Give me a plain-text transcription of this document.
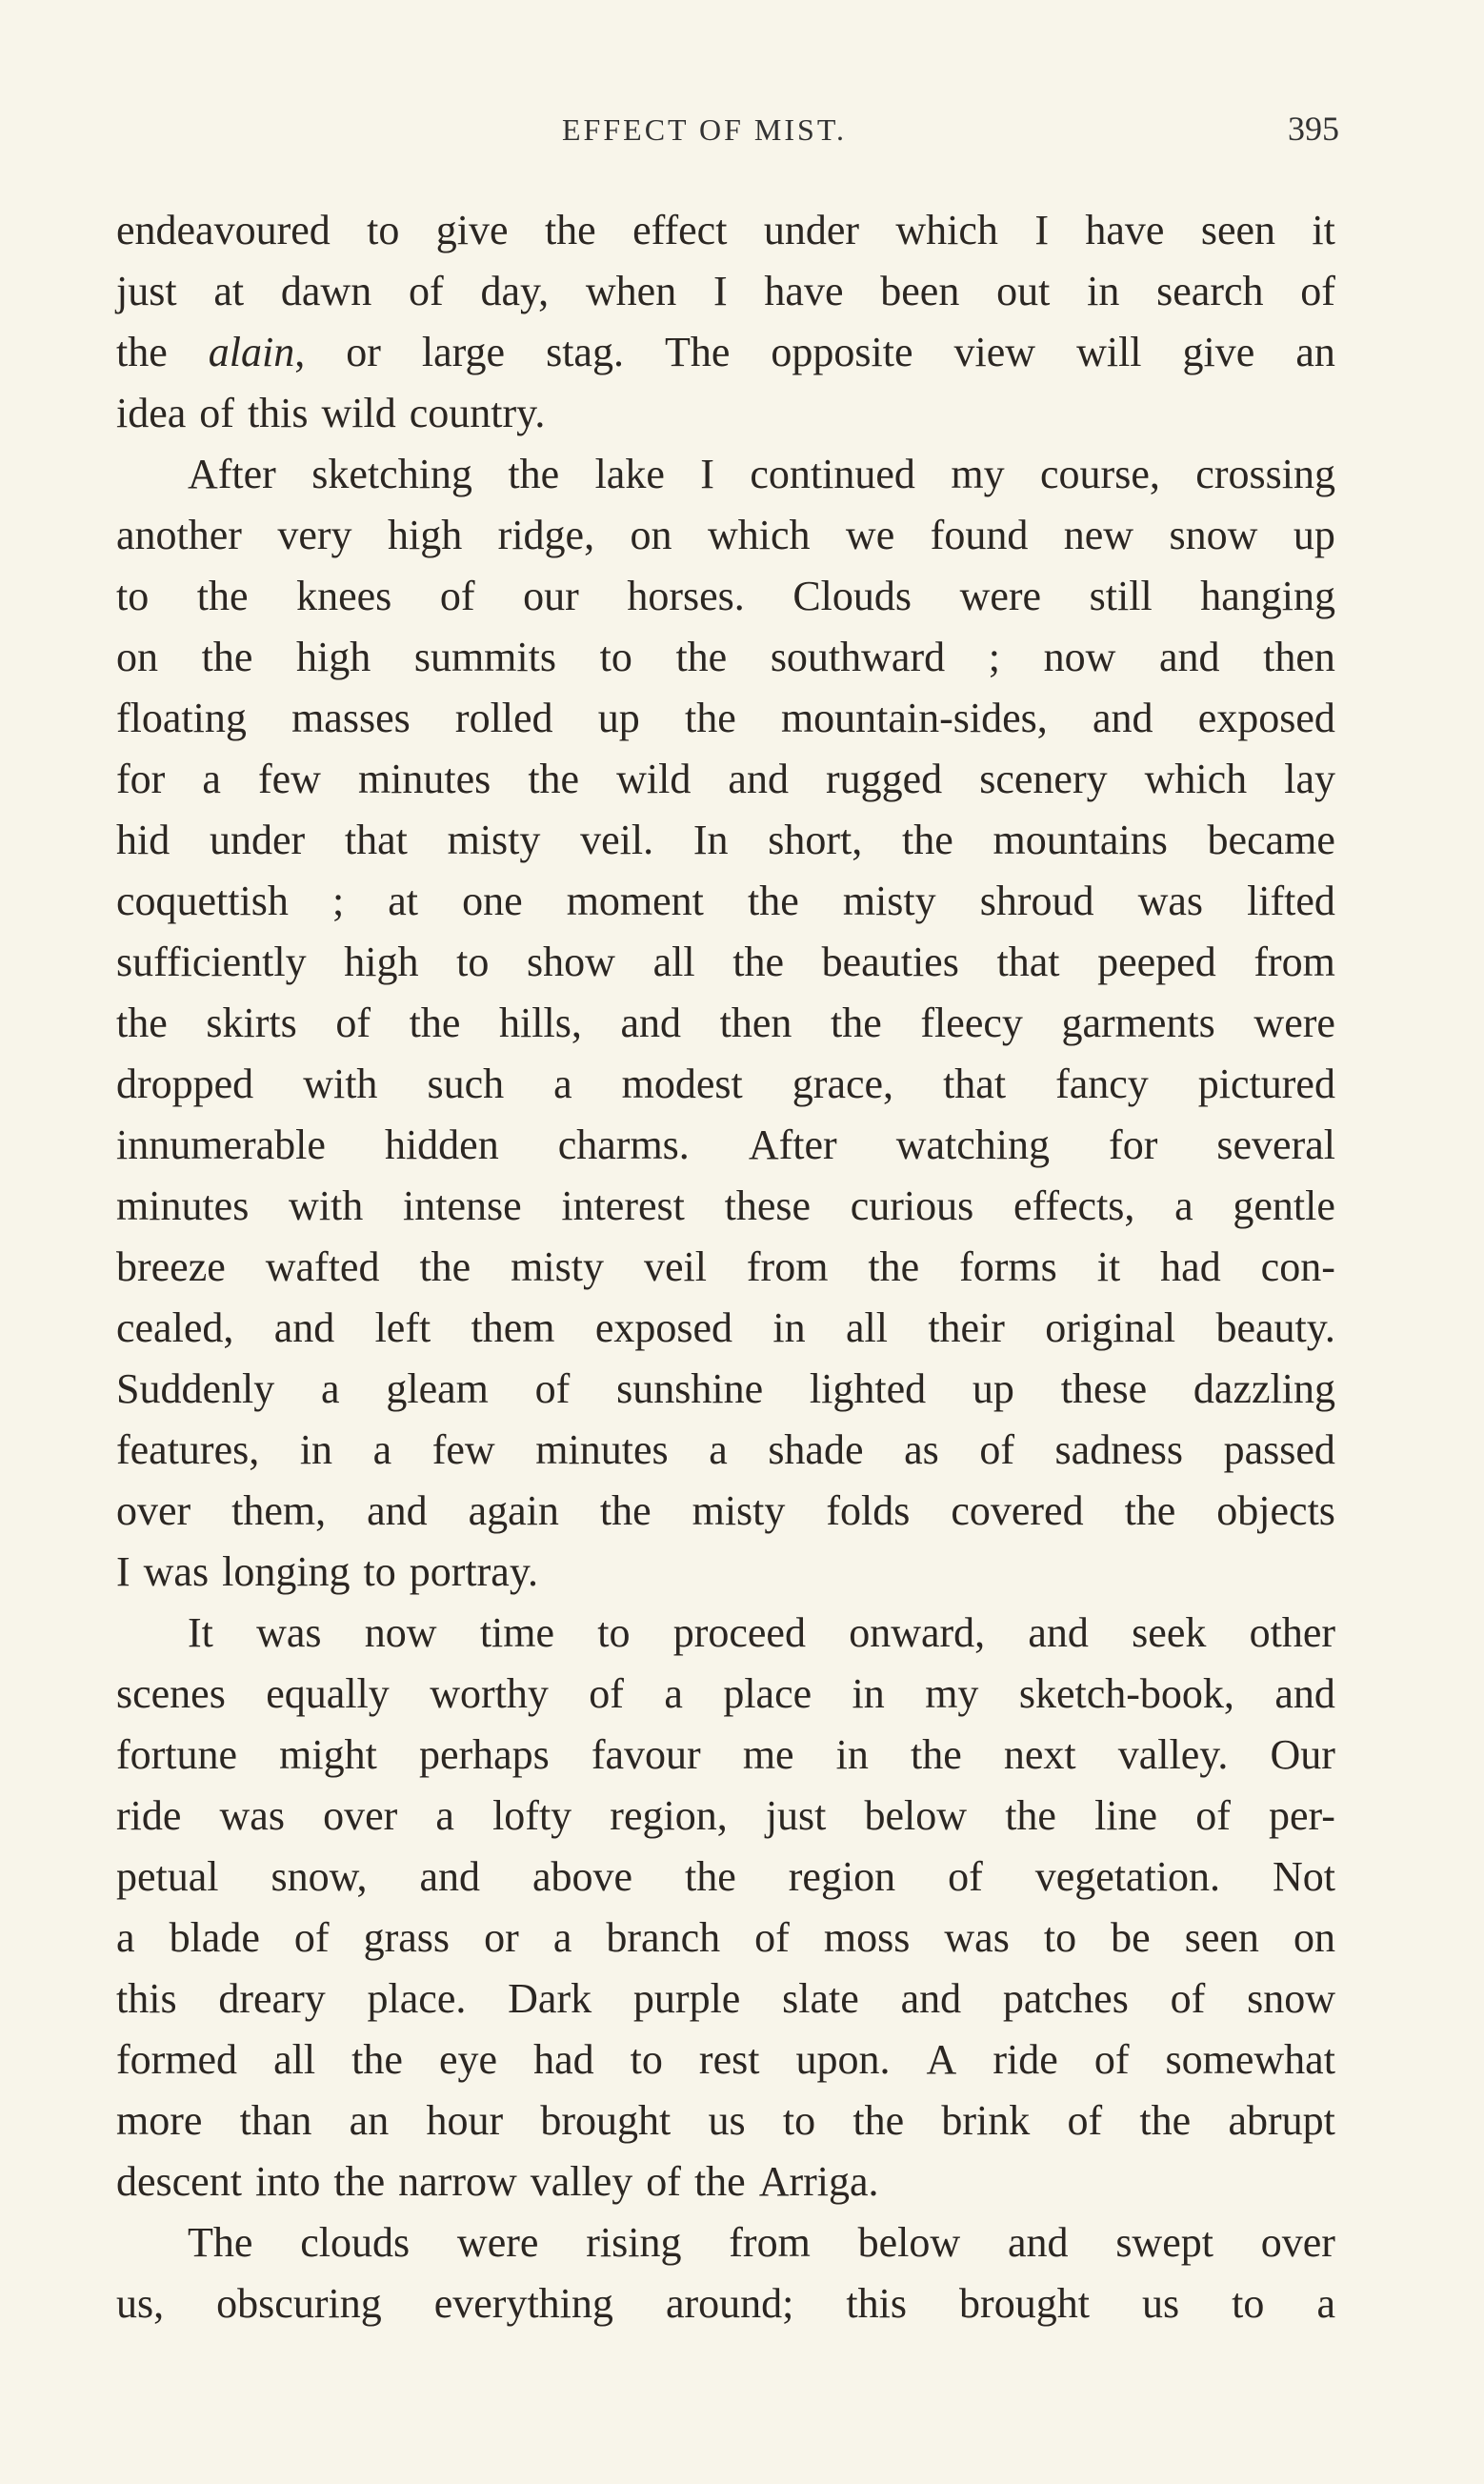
EFFECT OF MIST.	395
endeavoured to give the effect under which I have seen it
just at dawn of day, when I have been out in search of
the alain, or large stag. The opposite view will give an
idea of this wild country.
After sketching the lake I continued my course, crossing
another very high ridge, on which we found new snow up
to the knees of our horses. Clouds were still hanging
on the high summits to the southward ; now and then
floating masses rolled up the mountain-sides, and exposed
for a few minutes the wild and rugged scenery which lay
hid under that misty veil. In short, the mountains became
coquettish ; at one moment the misty shroud was lifted
sufficiently high to show all the beauties that peeped from
the skirts of the hills, and then the fleecy garments were
dropped with such a modest grace, that fancy pictured
innumerable hidden charms. After watching for several
minutes with intense interest these curious effects, a gentle
breeze wafted the misty veil from the forms it had con-
cealed, and left them exposed in all their original beauty.
Suddenly a gleam of sunshine lighted up these dazzling
features, in a few minutes a shade as of sadness passed
over them, and again the misty folds covered the objects
I was longing to portray.
It was now time to proceed onward, and seek other
scenes equally worthy of a place in my sketch-book, and
fortune might perhaps favour me in the next valley. Our
ride was over a lofty region, just below the line of per-
petual snow, and above the region of vegetation. Not
a blade of grass or a branch of moss was to be seen on
this dreary place. Dark purple slate and patches of snow
formed all the eye had to rest upon. A ride of somewhat
more than an hour brought us to the brink of the abrupt
descent into the narrow valley of the Arriga.
The clouds were rising from below and swept over
us, obscuring everything around; this brought us to a
